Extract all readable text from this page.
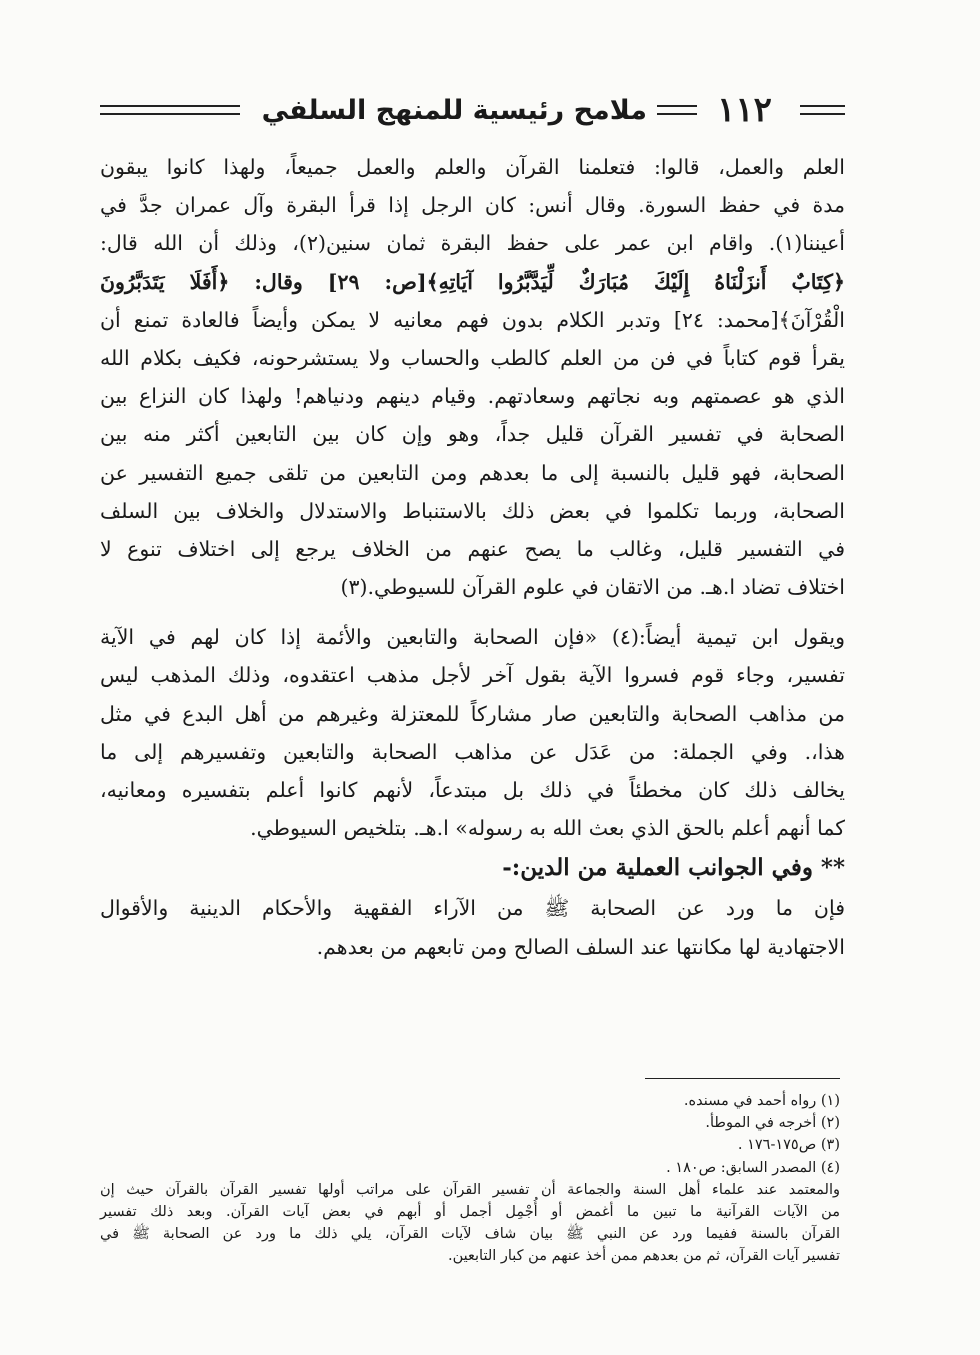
١١٢
ملامح رئيسية للمنهج السلفي
العلم والعمل، قالوا: فتعلمنا القرآن والعلم والعمل جميعاً، ولهذا كانوا يبقون
مدة في حفظ السورة. وقال أنس: كان الرجل إذا قرأ البقرة وآل عمران جدَّ في
أعيننا(١). واقام ابن عمر على حفظ البقرة ثمان سنين(٢)، وذلك أن الله قال:
﴿كِتَابٌ أَنزَلْنَاهُ إِلَيْكَ مُبَارَكٌ لِّيَدَّبَّرُوا آيَاتِهِ﴾[ص: ٢٩] وقال: ﴿أَفَلَا يَتَدَبَّرُونَ
الْقُرْآنَ﴾[محمد: ٢٤] وتدبر الكلام بدون فهم معانيه لا يمكن وأيضاً فالعادة تمنع أن
يقرأ قوم كتاباً في فن من العلم كالطب والحساب ولا يستشرحونه، فكيف بكلام الله
الذي هو عصمتهم وبه نجاتهم وسعادتهم. وقيام دينهم ودنياهم! ولهذا كان النزاع بين
الصحابة في تفسير القرآن قليل جداً، وهو وإن كان بين التابعين أكثر منه بين
الصحابة، فهو قليل بالنسبة إلى ما بعدهم ومن التابعين من تلقى جميع التفسير عن
الصحابة، وربما تكلموا في بعض ذلك بالاستنباط والاستدلال والخلاف بين السلف
في التفسير قليل، وغالب ما يصح عنهم من الخلاف يرجع إلى اختلاف تنوع لا
اختلاف تضاد ا.هـ. من الاتقان في علوم القرآن للسيوطي.(٣)
ويقول ابن تيمية أيضاً:(٤) «فإن الصحابة والتابعين والأئمة إذا كان لهم في الآية
تفسير، وجاء قوم فسروا الآية بقول آخر لأجل مذهب اعتقدوه، وذلك المذهب ليس
من مذاهب الصحابة والتابعين صار مشاركاً للمعتزلة وغيرهم من أهل البدع في مثل
هذا،. وفي الجملة: من عَدَل عن مذاهب الصحابة والتابعين وتفسيرهم إلى ما
يخالف ذلك كان مخطئاً في ذلك بل مبتدعاً، لأنهم كانوا أعلم بتفسيره ومعانيه،
كما أنهم أعلم بالحق الذي بعث الله به رسوله» ا.هـ. بتلخيص السيوطي.
** وفي الجوانب العملية من الدين:-
فإن ما ورد عن الصحابة ﷺ من الآراء الفقهية والأحكام الدينية والأقوال
الاجتهادية لها مكانتها عند السلف الصالح ومن تابعهم من بعدهم.
(١) رواه أحمد في مسنده.
(٢) أخرجه في الموطأ.
(٣) ص١٧٥-١٧٦ .
(٤) المصدر السابق: ص١٨٠ .
والمعتمد عند علماء أهل السنة والجماعة أن تفسير القرآن على مراتب أولها تفسير القرآن بالقرآن حيث إن
من الآيات القرآنية ما تبين ما أغمض أو أُجْمِل أجمل أو أبهم في بعض آيات القرآن. وبعد ذلك تفسير
القرآن بالسنة ففيما ورد عن النبي ﷺ بيان شاف لآيات القرآن، يلي ذلك ما ورد عن الصحابة ﷺ في
تفسير آيات القرآن، ثم من بعدهم ممن أخذ عنهم من كبار التابعين.
